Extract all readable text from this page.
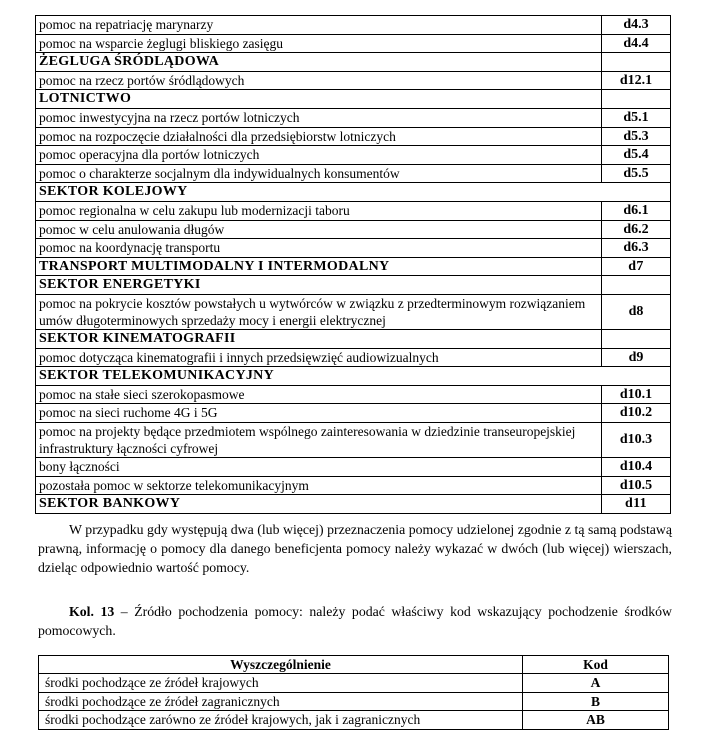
pomoc na repatriację marynarzy	d4.3
pomoc na wsparcie żeglugi bliskiego zasięgu	d4.4
ŻEGLUGA ŚRÓDLĄDOWA	
pomoc na rzecz portów śródlądowych	d12.1
LOTNICTWO	
pomoc inwestycyjna na rzecz portów lotniczych	d5.1
pomoc na rozpoczęcie działalności dla przedsiębiorstw lotniczych	d5.3
pomoc operacyjna dla portów lotniczych	d5.4
pomoc o charakterze socjalnym dla indywidualnych konsumentów	d5.5
SEKTOR KOLEJOWY	
pomoc regionalna w celu zakupu lub modernizacji taboru	d6.1
pomoc w celu anulowania długów	d6.2
pomoc na koordynację transportu	d6.3
TRANSPORT MULTIMODALNY I INTERMODALNY	d7
SEKTOR ENERGETYKI	
pomoc na pokrycie kosztów powstałych u wytwórców w związku z przedterminowym rozwiązaniem umów długoterminowych sprzedaży mocy i energii elektrycznej	d8
SEKTOR KINEMATOGRAFII	
pomoc dotycząca kinematografii i innych przedsięwzięć audiowizualnych	d9
SEKTOR TELEKOMUNIKACYJNY	
pomoc na stałe sieci szerokopasmowe	d10.1
pomoc na sieci ruchome 4G i 5G	d10.2
pomoc na projekty będące przedmiotem wspólnego zainteresowania w dziedzinie transeuropejskiej infrastruktury łączności cyfrowej	d10.3
bony łączności	d10.4
pozostała pomoc w sektorze telekomunikacyjnym	d10.5
SEKTOR BANKOWY	d11

W przypadku gdy występują dwa (lub więcej) przeznaczenia pomocy udzielonej zgodnie z tą samą podstawą prawną, informację o pomocy dla danego beneficjenta pomocy należy wykazać w dwóch (lub więcej) wierszach, dzieląc odpowiednio wartość pomocy.

Kol. 13 – Źródło pochodzenia pomocy: należy podać właściwy kod wskazujący pochodzenie środków pomocowych.

Wyszczególnienie	Kod
środki pochodzące ze źródeł krajowych	A
środki pochodzące ze źródeł zagranicznych	B
środki pochodzące zarówno ze źródeł krajowych, jak i zagranicznych	AB
